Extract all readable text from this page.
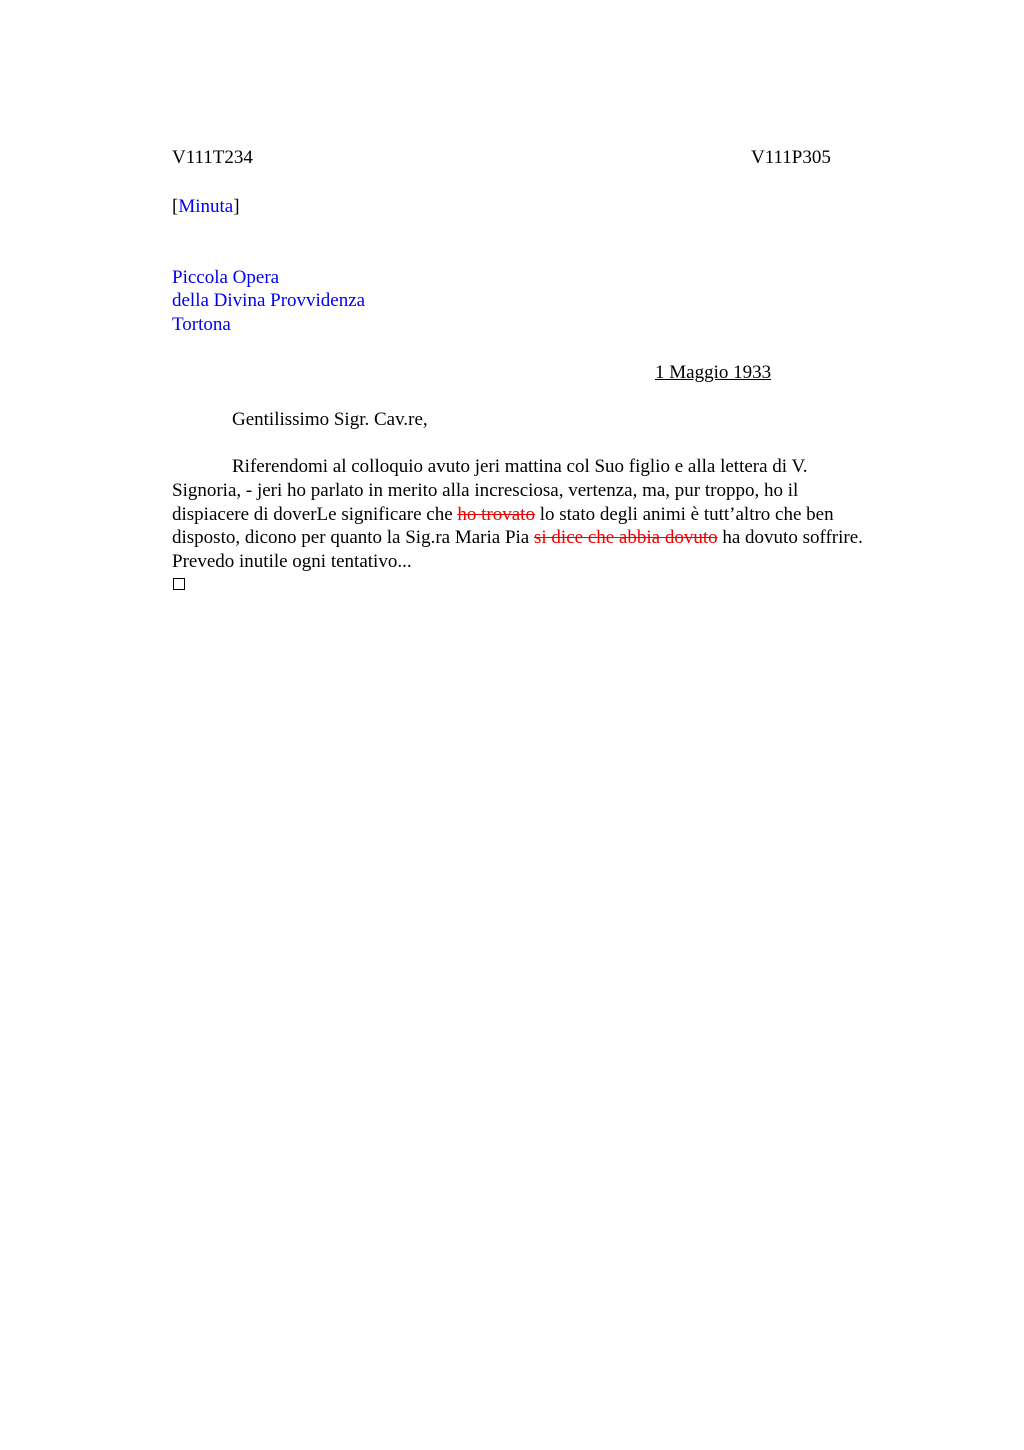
V111T234	V111P305
[Minuta]
Piccola Opera
della Divina Provvidenza
Tortona
1 Maggio 1933
Gentilissimo Sigr. Cav.re,
Riferendomi al colloquio avuto jeri mattina col Suo figlio e alla lettera di V.
Signoria, - jeri ho parlato in merito alla incresciosa, vertenza, ma, pur troppo, ho il
dispiacere di doverLe significare che ho trovato lo stato degli animi è tutt’altro che ben
disposto, dicono per quanto la Sig.ra Maria Pia si dice che abbia dovuto ha dovuto soffrire.
Prevedo inutile ogni tentativo...
